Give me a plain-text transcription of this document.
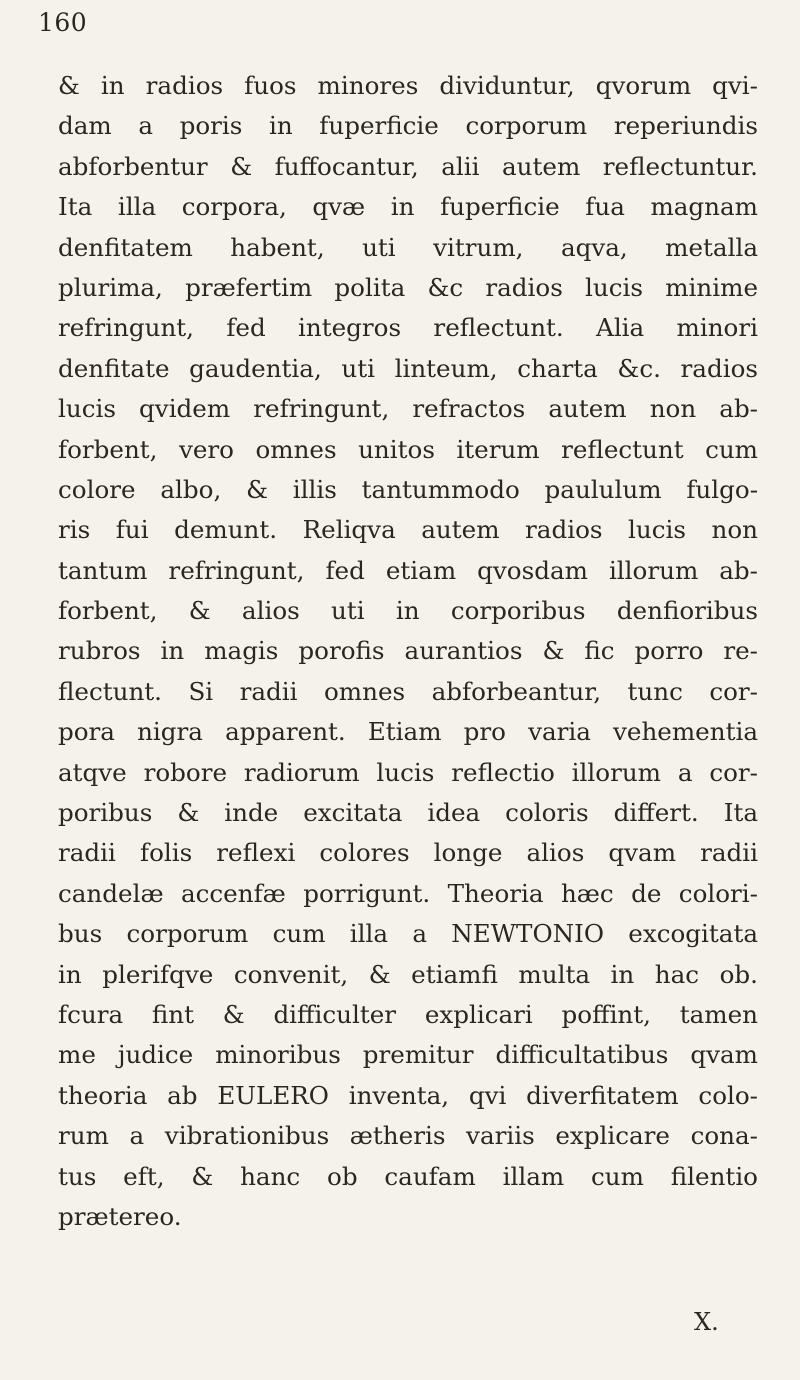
160
& in radios fuos minores dividuntur, qvorum qvi-
dam a poris in fuperficie corporum reperiundis
abforbentur & fuffocantur, alii autem reflectuntur.
Ita illa corpora, qvæ in fuperficie fua magnam
denfitatem habent, uti vitrum, aqva, metalla
plurima, præfertim polita &c radios lucis minime
refringunt, fed integros reflectunt. Alia minori
denfitate gaudentia, uti linteum, charta &c. radios
lucis qvidem refringunt, refractos autem non ab-
forbent, vero omnes unitos iterum reflectunt cum
colore albo, & illis tantummodo paululum fulgo-
ris fui demunt. Reliqva autem radios lucis non
tantum refringunt, fed etiam qvosdam illorum ab-
forbent, & alios uti in corporibus denfioribus
rubros in magis porofis aurantios & fic porro re-
flectunt. Si radii omnes abforbeantur, tunc cor-
pora nigra apparent. Etiam pro varia vehementia
atqve robore radiorum lucis reflectio illorum a cor-
poribus & inde excitata idea coloris differt. Ita
radii folis reflexi colores longe alios qvam radii
candelæ accenfæ porrigunt. Theoria hæc de colori-
bus corporum cum illa a NEWTONIO excogitata
in plerifqve convenit, & etiamfi multa in hac ob.
fcura fint & difficulter explicari poffint, tamen
me judice minoribus premitur difficultatibus qvam
theoria ab EULERO inventa, qvi diverfitatem colo-
rum a vibrationibus ætheris variis explicare cona-
tus eft, & hanc ob caufam illam cum filentio
prætereo.
X.
